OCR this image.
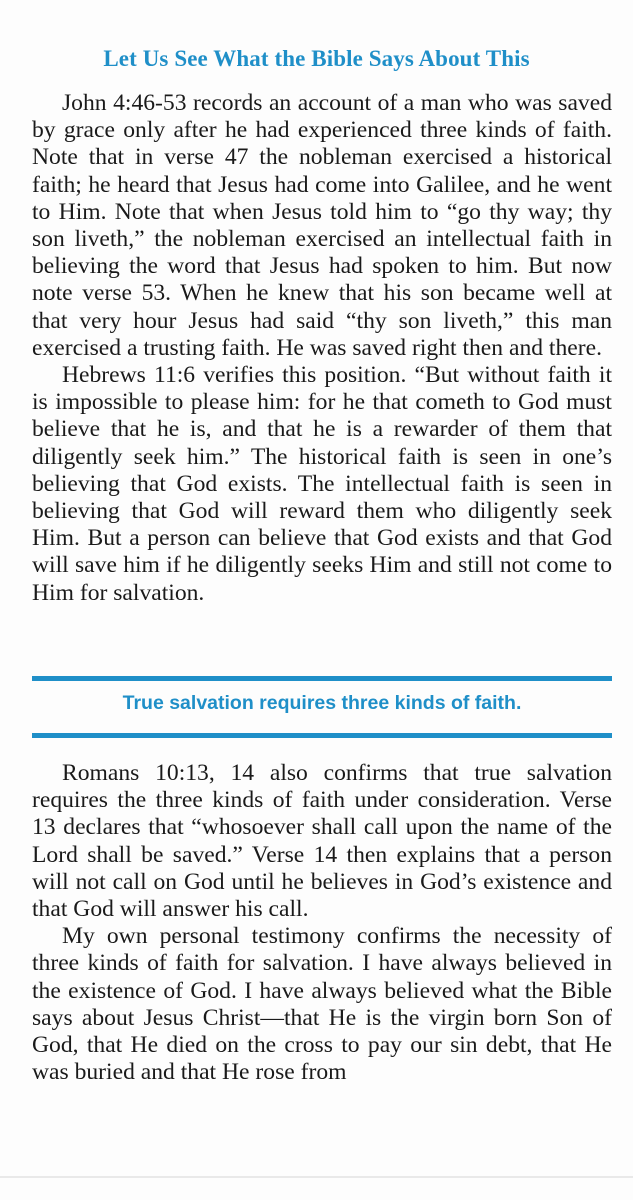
Let Us See What the Bible Says About This

John 4:46-53 records an account of a man who was saved by grace only after he had experienced three kinds of faith. Note that in verse 47 the nobleman exercised a historical faith; he heard that Jesus had come into Galilee, and he went to Him. Note that when Jesus told him to “go thy way; thy son liveth,” the nobleman exercised an intellectual faith in believing the word that Jesus had spoken to him. But now note verse 53. When he knew that his son became well at that very hour Jesus had said “thy son liveth,” this man exercised a trusting faith. He was saved right then and there.

Hebrews 11:6 verifies this position. “But without faith it is impossible to please him: for he that cometh to God must believe that he is, and that he is a rewarder of them that diligently seek him.” The historical faith is seen in one’s believing that God exists. The intellectual faith is seen in believing that God will reward them who diligently seek Him. But a person can believe that God exists and that God will save him if he diligently seeks Him and still not come to Him for salvation.

True salvation requires three kinds of faith.

Romans 10:13, 14 also confirms that true salvation requires the three kinds of faith under consideration. Verse 13 declares that “whosoever shall call upon the name of the Lord shall be saved.” Verse 14 then explains that a person will not call on God until he believes in God’s existence and that God will answer his call.

My own personal testimony confirms the necessity of three kinds of faith for salvation. I have always believed in the existence of God. I have always believed what the Bible says about Jesus Christ—that He is the virgin born Son of God, that He died on the cross to pay our sin debt, that He was buried and that He rose from
